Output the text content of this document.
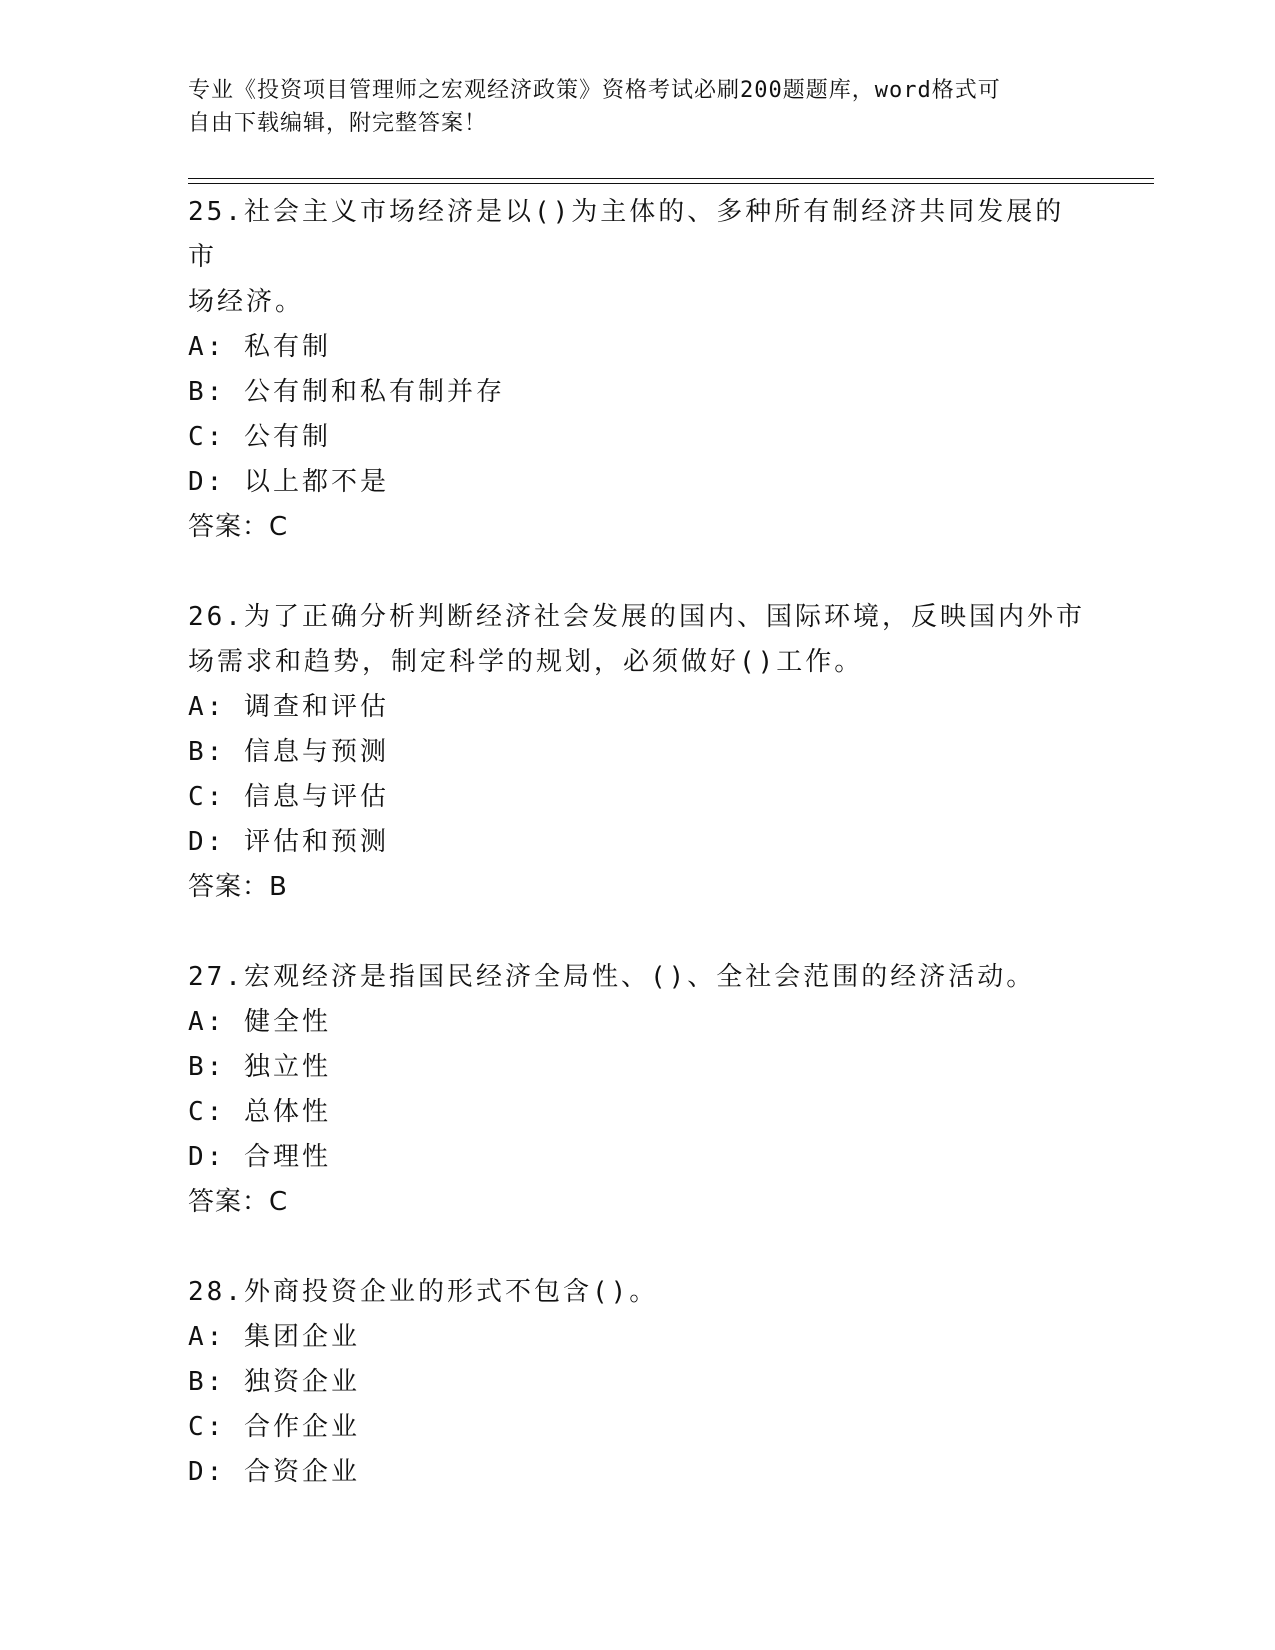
专业《投资项目管理师之宏观经济政策》资格考试必刷200题题库，word格式可
自由下载编辑，附完整答案！
25.社会主义市场经济是以()为主体的、多种所有制经济共同发展的市
场经济。
A: 私有制
B: 公有制和私有制并存
C: 公有制
D: 以上都不是
答案：C
26.为了正确分析判断经济社会发展的国内、国际环境，反映国内外市
场需求和趋势，制定科学的规划，必须做好()工作。
A: 调查和评估
B: 信息与预测
C: 信息与评估
D: 评估和预测
答案：B
27.宏观经济是指国民经济全局性、()、全社会范围的经济活动。
A: 健全性
B: 独立性
C: 总体性
D: 合理性
答案：C
28.外商投资企业的形式不包含()。
A: 集团企业
B: 独资企业
C: 合作企业
D: 合资企业
